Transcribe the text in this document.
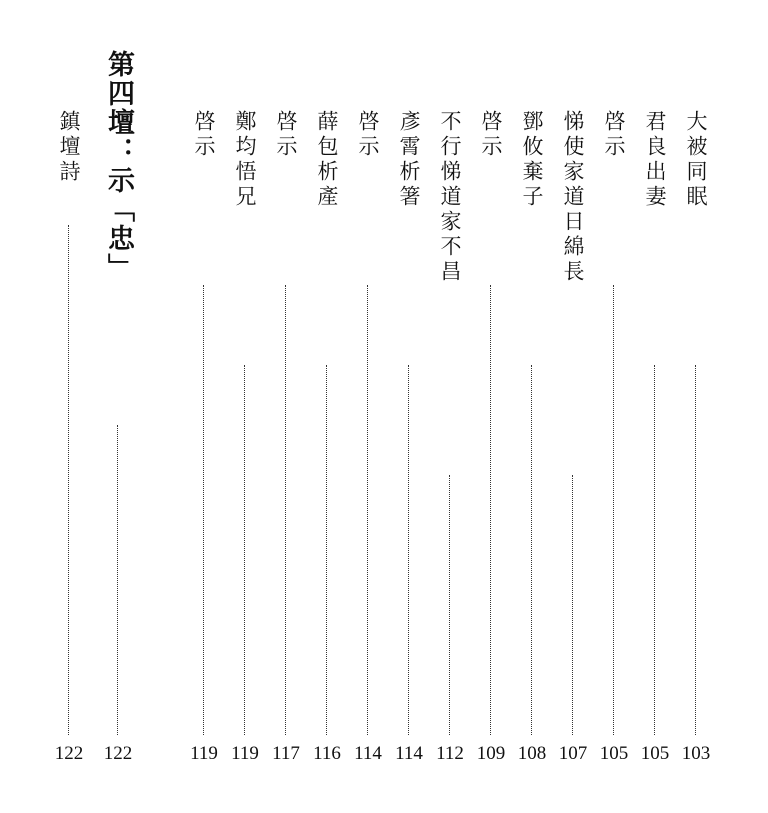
大被同眠
103
君良出妻
105
啓示
105
悌使家道日綿長
107
鄧攸棄子
108
啓示
109
不行悌道家不昌
112
彥霄析箸
114
啓示
114
薛包析產
116
啓示
117
鄭均悟兄
119
啓示
119
第四壇：示「忠」
122
鎮壇詩
122
